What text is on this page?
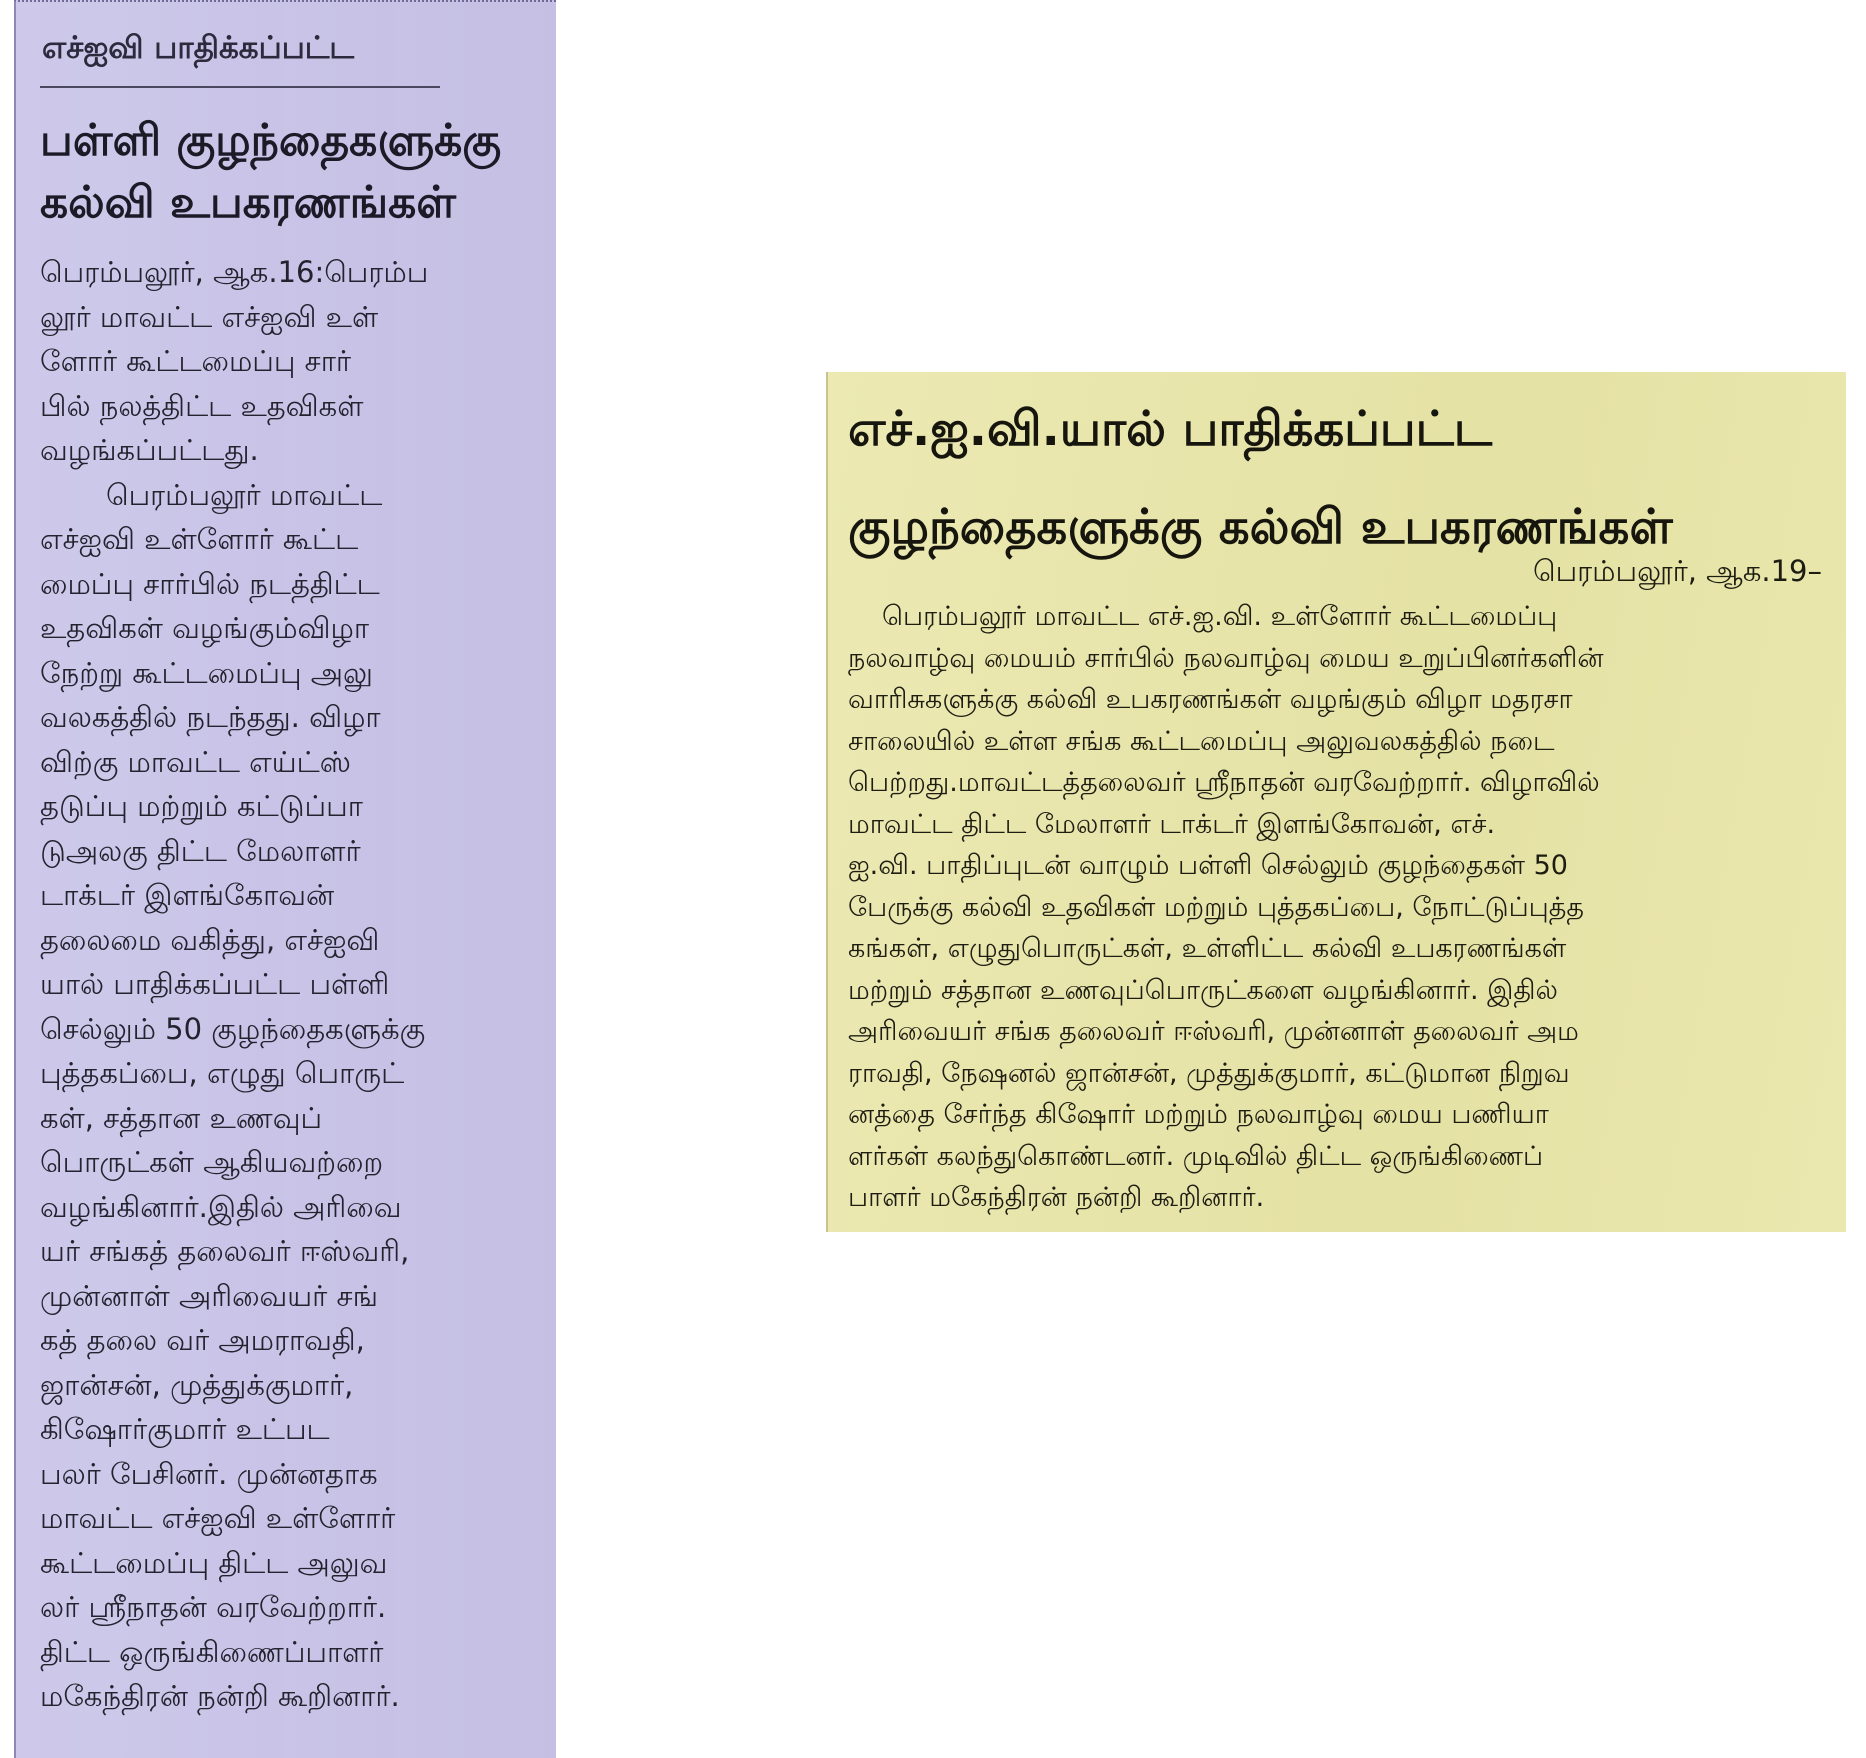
எச்ஐவி பாதிக்கப்பட்ட
பள்ளி குழந்தைகளுக்கு கல்வி உபகரணங்கள்
பெரம்பலூர், ஆக.16:பெரம்ப
லூர் மாவட்ட எச்ஐவி உள்
ளோர் கூட்டமைப்பு சார்
பில் நலத்திட்ட உதவிகள்
வழங்கப்பட்டது.
பெரம்பலூர் மாவட்ட
எச்ஐவி உள்ளோர் கூட்ட
மைப்பு சார்பில் நடத்திட்ட
உதவிகள் வழங்கும்விழா
நேற்று கூட்டமைப்பு அலு
வலகத்தில் நடந்தது. விழா
விற்கு மாவட்ட எய்ட்ஸ்
தடுப்பு மற்றும் கட்டுப்பா
டுஅலகு திட்ட மேலாளர்
டாக்டர் இளங்கோவன்
தலைமை வகித்து, எச்ஐவி
யால் பாதிக்கப்பட்ட பள்ளி
செல்லும் 50 குழந்தைகளுக்கு
புத்தகப்பை, எழுது பொருட்
கள், சத்தான உணவுப்
பொருட்கள் ஆகியவற்றை
வழங்கினார்.இதில் அரிவை
யர் சங்கத் தலைவர் ஈஸ்வரி,
முன்னாள் அரிவையர் சங்
கத் தலை வர் அமராவதி,
ஜான்சன், முத்துக்குமார்,
கிஷோர்குமார் உட்பட
பலர் பேசினர். முன்னதாக
மாவட்ட எச்ஐவி உள்ளோர்
கூட்டமைப்பு திட்ட அலுவ
லர் ஸ்ரீநாதன் வரவேற்றார்.
திட்ட ஒருங்கிணைப்பாளர்
மகேந்திரன் நன்றி கூறினார்.
எச்.ஐ.வி.யால் பாதிக்கப்பட்ட
குழந்தைகளுக்கு கல்வி உபகரணங்கள்
பெரம்பலூர், ஆக.19–
பெரம்பலூர் மாவட்ட எச்.ஐ.வி. உள்ளோர் கூட்டமைப்பு
நலவாழ்வு மையம் சார்பில் நலவாழ்வு மைய உறுப்பினர்களின்
வாரிசுகளுக்கு கல்வி உபகரணங்கள் வழங்கும் விழா மதரசா
சாலையில் உள்ள சங்க கூட்டமைப்பு அலுவலகத்தில் நடை
பெற்றது.மாவட்டத்தலைவர் ஸ்ரீநாதன் வரவேற்றார். விழாவில்
மாவட்ட திட்ட மேலாளர் டாக்டர் இளங்கோவன், எச்.
ஐ.வி. பாதிப்புடன் வாழும் பள்ளி செல்லும் குழந்தைகள் 50
பேருக்கு கல்வி உதவிகள் மற்றும் புத்தகப்பை, நோட்டுப்புத்த
கங்கள், எழுதுபொருட்கள், உள்ளிட்ட கல்வி உபகரணங்கள்
மற்றும் சத்தான உணவுப்பொருட்களை வழங்கினார். இதில்
அரிவையர் சங்க தலைவர் ஈஸ்வரி, முன்னாள் தலைவர் அம
ராவதி, நேஷனல் ஜான்சன், முத்துக்குமார், கட்டுமான நிறுவ
னத்தை சேர்ந்த கிஷோர் மற்றும் நலவாழ்வு மைய பணியா
ளர்கள் கலந்துகொண்டனர். முடிவில் திட்ட ஒருங்கிணைப்
பாளர் மகேந்திரன் நன்றி கூறினார்.
